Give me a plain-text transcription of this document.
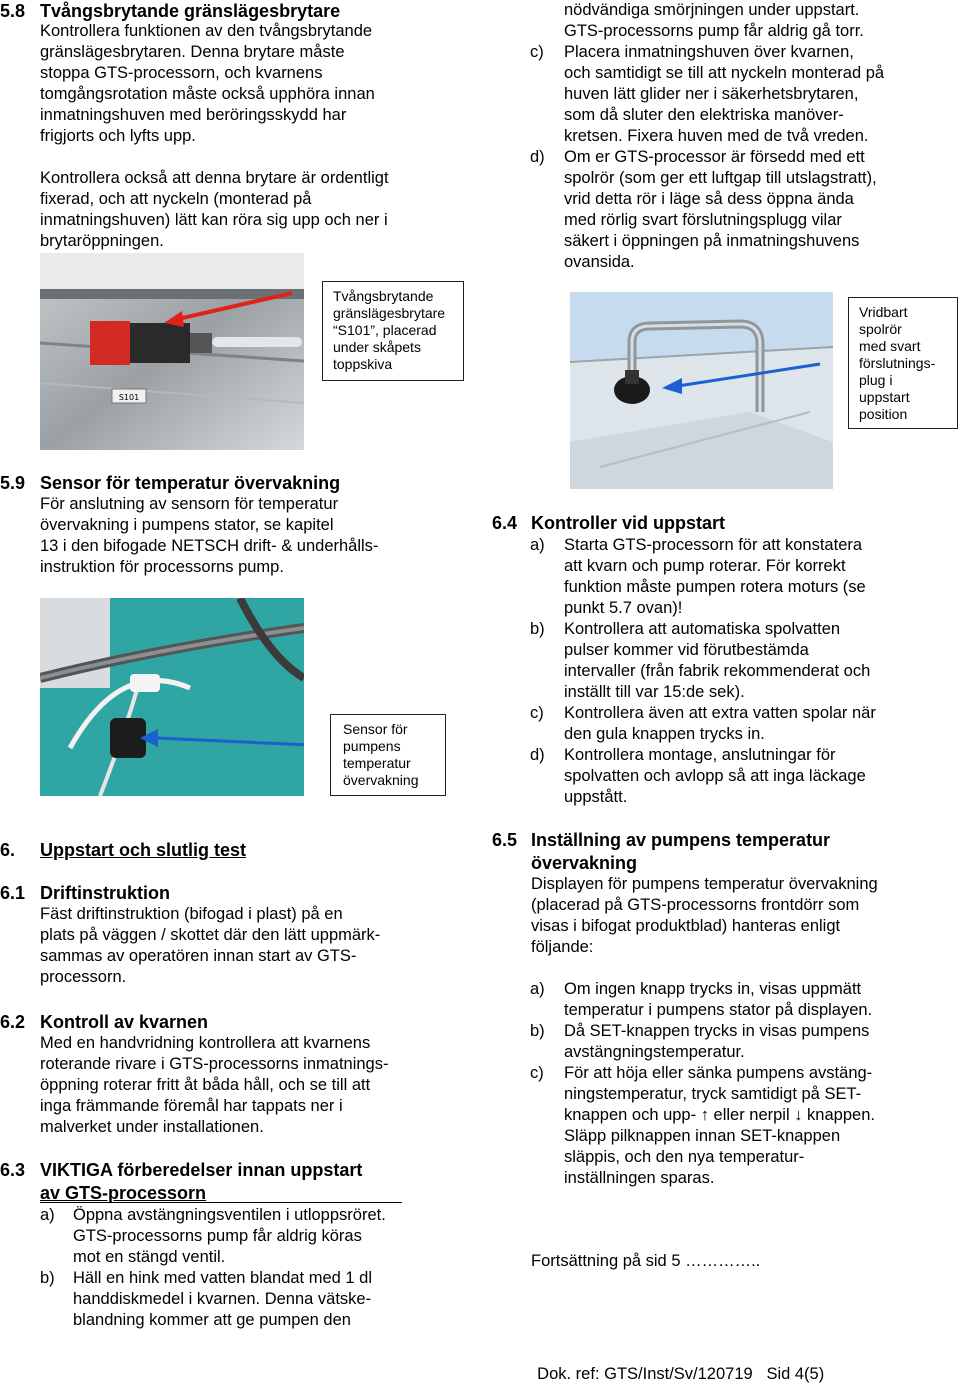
5.8 Tvångsbrytande gränslägesbrytare
Kontrollera funktionen av den tvångsbrytande
gränslägesbrytaren. Denna brytare måste
stoppa GTS-processorn, och kvarnens
tomgångsrotation måste också upphöra innan
inmatningshuven med beröringsskydd har
frigjorts och lyfts upp.
Kontrollera också att denna brytare är ordentligt
fixerad, och att nyckeln (monterad på
inmatningshuven) lätt kan röra sig upp och ner i
brytaröppningen.
S101
Tvångsbrytande
gränslägesbrytare
“S101”, placerad
under skåpets
toppskiva
nödvändiga smörjningen under uppstart.
GTS-processorns pump får aldrig gå torr.
c) Placera inmatningshuven över kvarnen,
och samtidigt se till att nyckeln monterad på
huven lätt glider ner i säkerhetsbrytaren,
som då sluter den elektriska manöver-
kretsen. Fixera huven med de två vreden.
d) Om er GTS-processor är försedd med ett
spolrör (som ger ett luftgap till utslagstratt),
vrid detta rör i läge så dess öppna ända
med rörlig svart förslutningsplugg vilar
säkert i öppningen på inmatningshuvens
ovansida.
Vridbart
spolrör
med svart
förslutnings-
plug i
uppstart
position
5.9 Sensor för temperatur övervakning
För anslutning av sensorn för temperatur
övervakning i pumpens stator, se kapitel
13 i den bifogade NETSCH drift- & underhålls-
instruktion för processorns pump.
Sensor för
pumpens
temperatur
övervakning
6. Uppstart och slutlig test
6.1 Driftinstruktion
Fäst driftinstruktion (bifogad i plast) på en
plats på väggen / skottet där den lätt uppmärk-
sammas av operatören innan start av GTS-
processorn.
6.2 Kontroll av kvarnen
Med en handvridning kontrollera att kvarnens
roterande rivare i GTS-processorns inmatnings-
öppning roterar fritt åt båda håll, och se till att
inga främmande föremål har tappats ner i
malverket under installationen.
6.3 VIKTIGA förberedelser innan uppstart
av GTS-processorn
a) Öppna avstängningsventilen i utloppsröret.
GTS-processorns pump får aldrig köras
mot en stängd ventil.
b) Häll en hink med vatten blandat med 1 dl
handdiskmedel i kvarnen. Denna vätske-
blandning kommer att ge pumpen den
6.4 Kontroller vid uppstart
a) Starta GTS-processorn för att konstatera
att kvarn och pump roterar. För korrekt
funktion måste pumpen rotera moturs (se
punkt 5.7 ovan)!
b) Kontrollera att automatiska spolvatten
pulser kommer vid förutbestämda
intervaller (från fabrik rekommenderat och
inställt till var 15:de sek).
c) Kontrollera även att extra vatten spolar när
den gula knappen trycks in.
d) Kontrollera montage, anslutningar för
spolvatten och avlopp så att inga läckage
uppstått.
6.5 Inställning av pumpens temperatur
övervakning
Displayen för pumpens temperatur övervakning
(placerad på GTS-processorns frontdörr som
visas i bifogat produktblad) hanteras enligt
följande:
a) Om ingen knapp trycks in, visas uppmätt
temperatur i pumpens stator på displayen.
b) Då SET-knappen trycks in visas pumpens
avstängningstemperatur.
c) För att höja eller sänka pumpens avstäng-
ningstemperatur, tryck samtidigt på SET-
knappen och upp- ↑ eller nerpil ↓ knappen.
Släpp pilknappen innan SET-knappen
släppis, och den nya temperatur-
inställningen sparas.
Fortsättning på sid 5 …………..

Dok. ref: GTS/Inst/Sv/120719   Sid 4(5)
